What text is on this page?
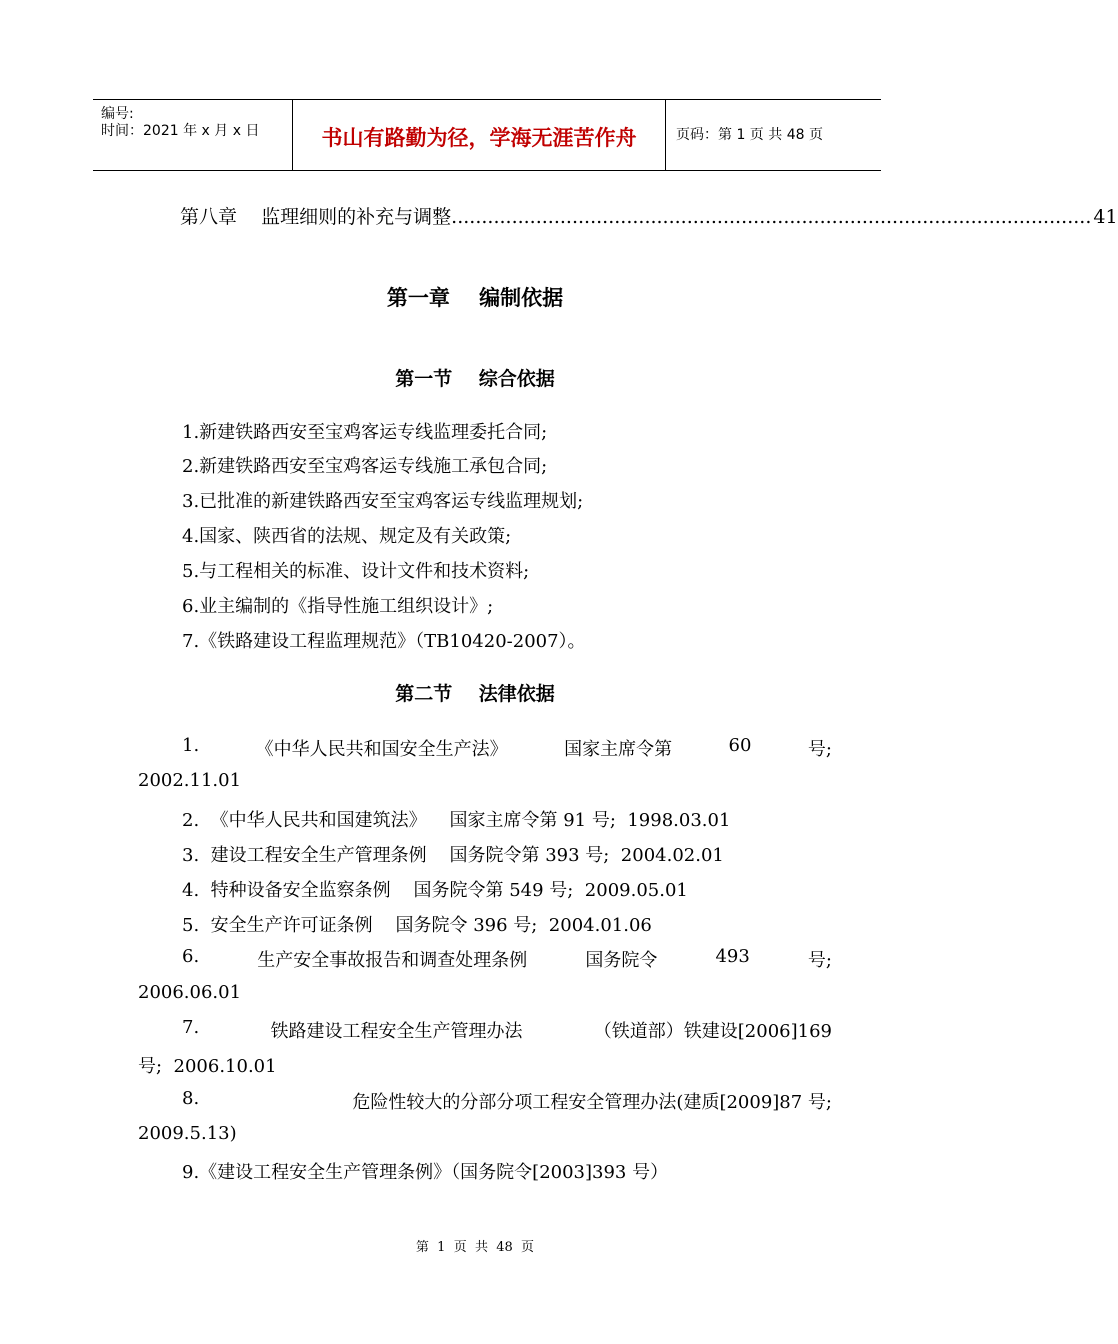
编号:
时间：2021 年 x 月 x 日	书山有路勤为径，学海无涯苦作舟	页码：第 1 页 共 48 页
第八章    监理细则的补充与调整 .......................................................................................................... 41
第一章    编制依据
第一节    综合依据
1.新建铁路西安至宝鸡客运专线监理委托合同;
2.新建铁路西安至宝鸡客运专线施工承包合同;
3.已批准的新建铁路西安至宝鸡客运专线监理规划;
4.国家、陕西省的法规、规定及有关政策;
5.与工程相关的标准、设计文件和技术资料;
6.业主编制的《指导性施工组织设计》;
7.《铁路建设工程监理规范》（TB10420-2007）。
第二节    法律依据
1.	《中华人民共和国安全生产法》	国家主席令第	60	号;
2002.11.01
2.  《中华人民共和国建筑法》    国家主席令第 91 号;  1998.03.01
3.  建设工程安全生产管理条例    国务院令第 393 号;  2004.02.01
4.  特种设备安全监察条例    国务院令第 549 号;  2009.05.01
5.  安全生产许可证条例    国务院令 396 号;  2004.01.06
6.	生产安全事故报告和调查处理条例	国务院令	493	号;
2006.06.01
7.	铁路建设工程安全生产管理办法	（铁道部）铁建设[2006]169
号;  2006.10.01
8.	危险性较大的分部分项工程安全管理办法(建质[2009]87 号;
2009.5.13)
9.《建设工程安全生产管理条例》（国务院令[2003]393 号）
第  1  页  共  48  页
